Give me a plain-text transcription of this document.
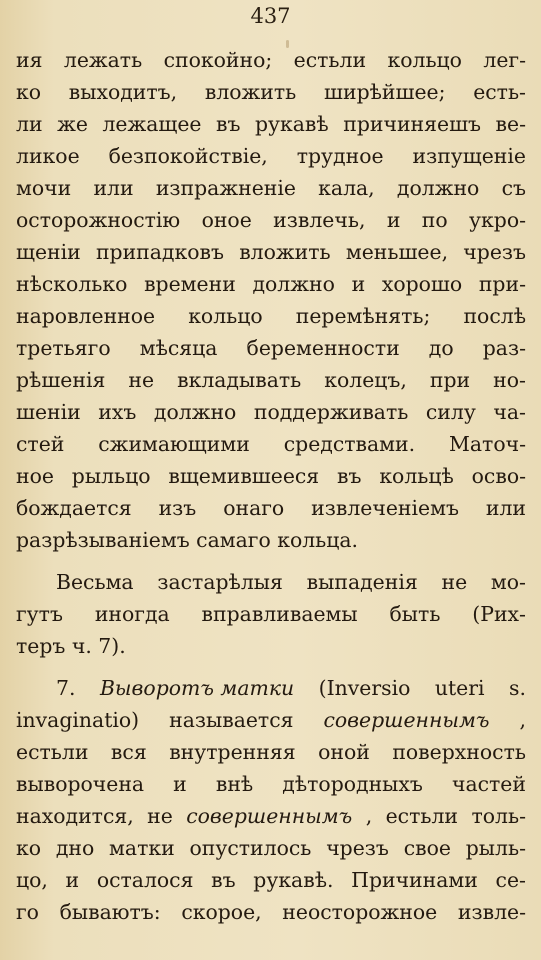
437
ия лежать спокойно; естьли кольцо лег-
ко выходитъ, вложить ширѣйшее; есть-
ли же лежащее въ рукавѣ причиняешъ ве-
ликое безпокойствіе, трудное изпущеніе
мочи или изпражненіе кала, должно съ
осторожностію оное извлечь, и по укро-
щеніи припадковъ вложить меньшее, чрезъ
нѣсколько времени должно и хорошо при-
наровленное кольцо перемѣнять; послѣ
третьяго мѣсяца беременности до раз-
рѣшенія не вкладывать колецъ, при но-
шеніи ихъ должно поддерживать силу ча-
стей сжимающими средствами. Маточ-
ное рыльцо вщемившееся въ кольцѣ осво-
бождается изъ онаго извлеченіемъ или
разрѣзываніемъ самаго кольца.
Весьма застарѣлыя выпаденія не мо-
гутъ иногда вправливаемы быть (Рих-
теръ ч. 7).
7. Выворотъ матки (Inversio uteri s.
invaginatio) называется совершеннымъ ,
естьли вся внутренняя оной поверхность
выворочена и внѣ дѣтородныхъ частей
находится, не совершеннымъ , естьли толь-
ко дно матки опустилось чрезъ свое рыль-
цо, и осталося въ рукавѣ. Причинами се-
го бываютъ: скорое, неосторожное извле-
